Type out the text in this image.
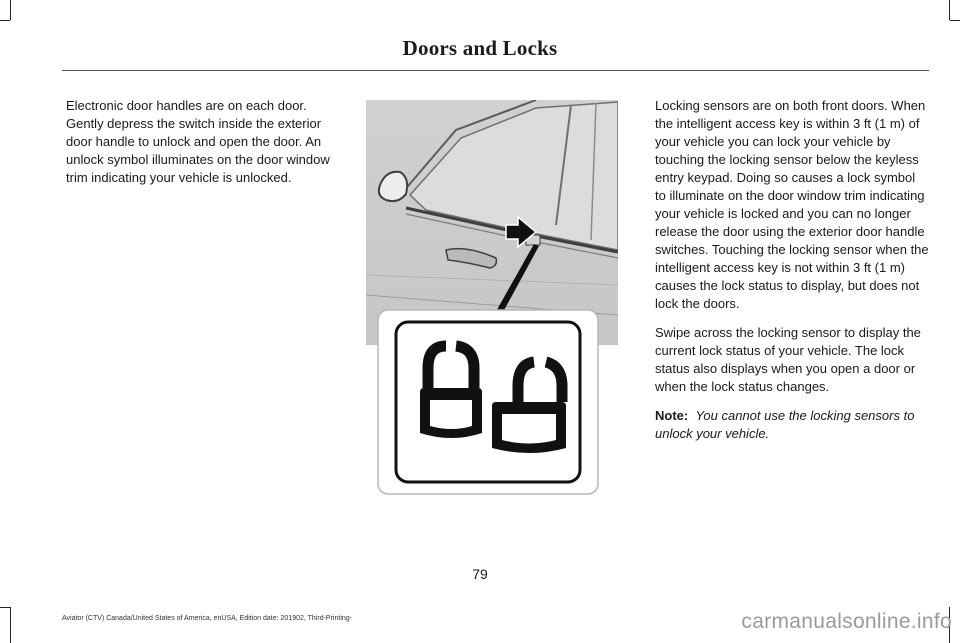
Doors and Locks

Electronic door handles are on each door. Gently depress the switch inside the exterior door handle to unlock and open the door. An unlock symbol illuminates on the door window trim indicating your vehicle is unlocked.

Locking sensors are on both front doors. When the intelligent access key is within 3 ft (1 m) of your vehicle you can lock your vehicle by touching the locking sensor below the keyless entry keypad. Doing so causes a lock symbol to illuminate on the door window trim indicating your vehicle is locked and you can no longer release the door using the exterior door handle switches. Touching the locking sensor when the intelligent access key is not within 3 ft (1 m) causes the lock status to display, but does not lock the doors.

Swipe across the locking sensor to display the current lock status of your vehicle. The lock status also displays when you open a door or when the lock status changes.

Note: You cannot use the locking sensors to unlock your vehicle.

79
Aviator (CTV) Canada/United States of America, enUSA, Edition date: 201902, Third-Printing-	carmanualsonline.info
